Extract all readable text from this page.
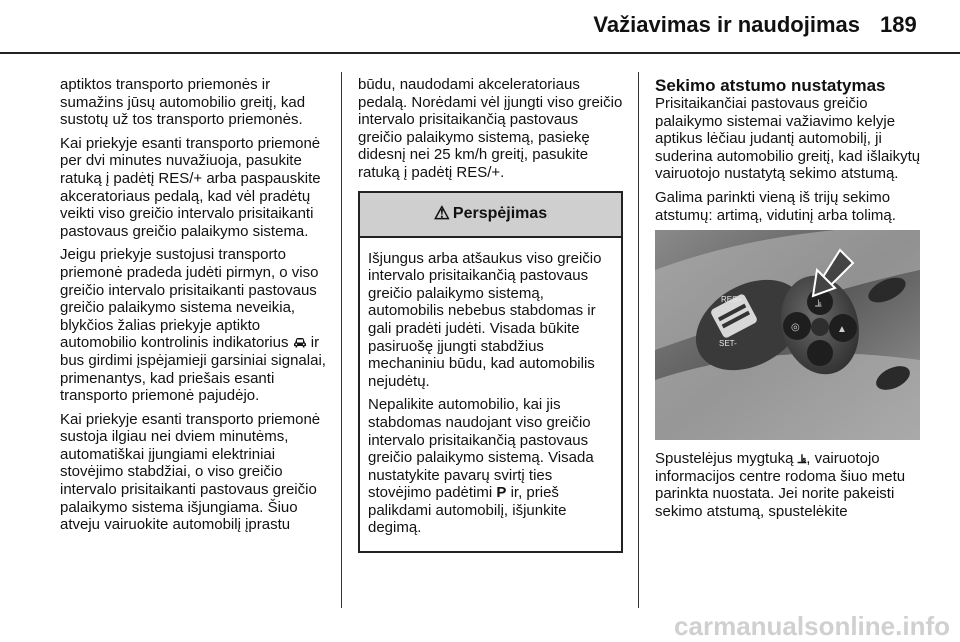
Važiavimas ir naudojimas 189

aptiktos transporto priemonės ir sumažins jūsų automobilio greitį, kad sustotų už tos transporto priemonės.

Kai priekyje esanti transporto priemonė per dvi minutes nuvažiuoja, pasukite ratuką į padėtį RES/+ arba paspauskite akceratoriaus pedalą, kad vėl pradėtų veikti viso greičio intervalo prisitaikanti pastovaus greičio palaikymo sistema.

Jeigu priekyje sustojusi transporto priemonė pradeda judėti pirmyn, o viso greičio intervalo prisitaikanti pastovaus greičio palaikymo sistema neveikia, blykčios žalias priekyje aptikto automobilio kontrolinis indikatorius ir bus girdimi įspėjamieji garsiniai signalai, primenantys, kad priešais esanti transporto priemonė pajudėjo.

Kai priekyje esanti transporto priemonė sustoja ilgiau nei dviem minutėms, automatiškai įjungiami elektriniai stovėjimo stabdžiai, o viso greičio intervalo prisitaikanti pastovaus greičio palaikymo sistema išjungiama. Šiuo atveju vairuokite automobilį įprastu

būdu, naudodami akceleratoriaus pedalą. Norėdami vėl įjungti viso greičio intervalo prisitaikančią pastovaus greičio palaikymo sistemą, pasiekę didesnį nei 25 km/h greitį, pasukite ratuką į padėtį RES/+.

⚠ Perspėjimas

Išjungus arba atšaukus viso greičio intervalo prisitaikančią pastovaus greičio palaikymo sistemą, automobilis nebebus stabdomas ir gali pradėti judėti. Visada būkite pasiruošę įjungti stabdžius mechaniniu būdu, kad automobilis nejudėtų.

Nepalikite automobilio, kai jis stabdomas naudojant viso greičio intervalo prisitaikančią pastovaus greičio palaikymo sistemą. Visada nustatykite pavarų svirtį ties stovėjimo padėtimi P ir, prieš palikdami automobilį, išjunkite degimą.

Sekimo atstumo nustatymas

Prisitaikančiai pastovaus greičio palaikymo sistemai važiavimo kelyje aptikus lėčiau judantį automobilį, ji suderina automobilio greitį, kad išlaikytų vairuotojo nustatytą sekimo atstumą.

Galima parinkti vieną iš trijų sekimo atstumų: artimą, vidutinį arba tolimą.

RES+
SET-
◎	▲
⫡

Spustelėjus mygtuką ⫡, vairuotojo informacijos centre rodoma šiuo metu parinkta nuostata. Jei norite pakeisti sekimo atstumą, spustelėkite

carmanualsonline.info
